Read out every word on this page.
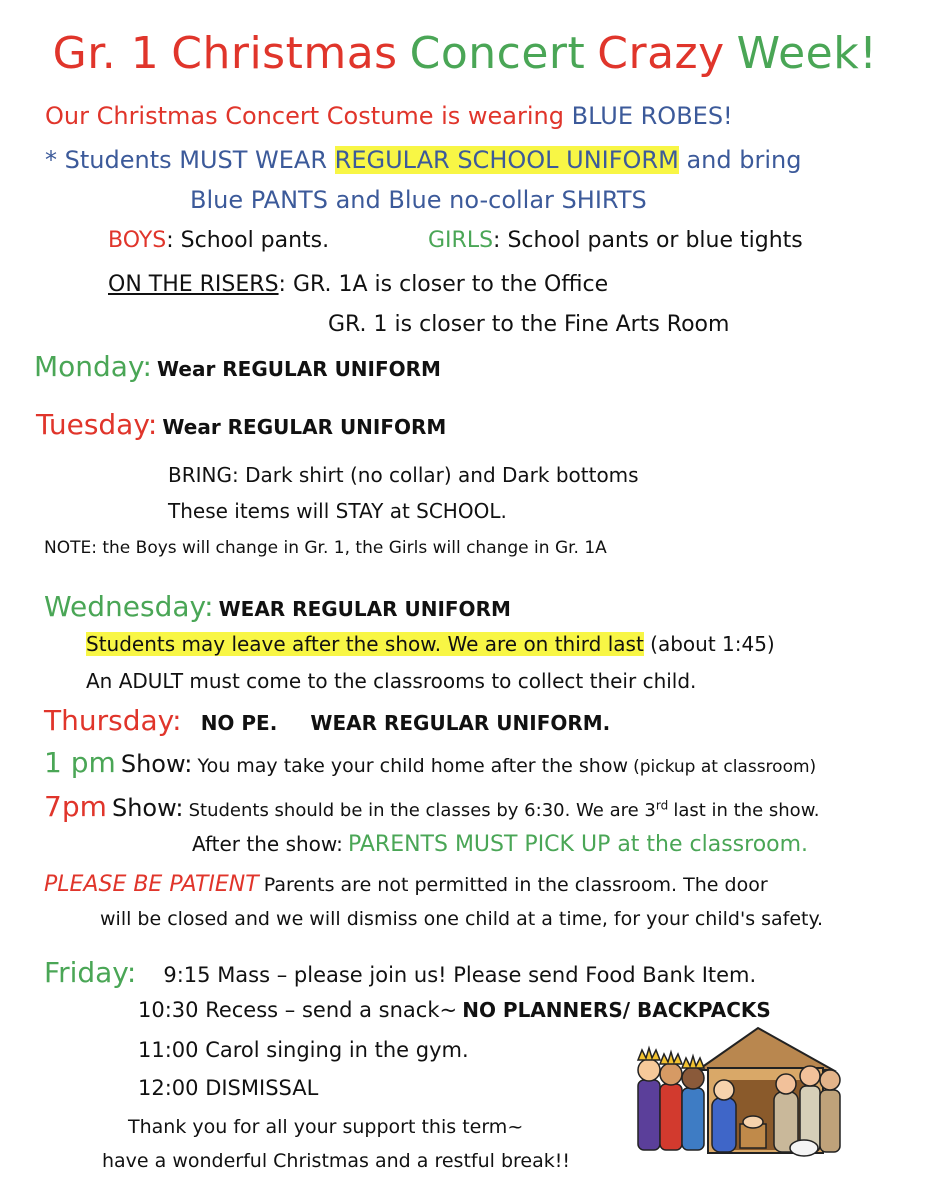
Gr. 1 Christmas Concert Crazy Week!
Our Christmas Concert Costume is wearing BLUE ROBES!
* Students MUST WEAR REGULAR SCHOOL UNIFORM and bring
Blue PANTS and Blue no-collar SHIRTS
BOYS: School pants.	GIRLS: School pants or blue tights
ON THE RISERS: GR. 1A is closer to the Office
GR. 1 is closer to the Fine Arts Room
Monday: Wear REGULAR UNIFORM
Tuesday: Wear REGULAR UNIFORM
BRING: Dark shirt (no collar) and Dark bottoms
These items will STAY at SCHOOL.
NOTE: the Boys will change in Gr. 1, the Girls will change in Gr. 1A
Wednesday: WEAR REGULAR UNIFORM
Students may leave after the show. We are on third last (about 1:45)
An ADULT must come to the classrooms to collect their child.
Thursday: NO PE. WEAR REGULAR UNIFORM.
1 pm Show: You may take your child home after the show (pickup at classroom)
7pm Show: Students should be in the classes by 6:30. We are 3rd last in the show.
After the show: PARENTS MUST PICK UP at the classroom.
PLEASE BE PATIENT Parents are not permitted in the classroom. The door
will be closed and we will dismiss one child at a time, for your child's safety.
Friday: 9:15 Mass – please join us! Please send Food Bank Item.
10:30 Recess – send a snack~ NO PLANNERS/ BACKPACKS
11:00 Carol singing in the gym.
12:00 DISMISSAL
Thank you for all your support this term~
have a wonderful Christmas and a restful break!!
